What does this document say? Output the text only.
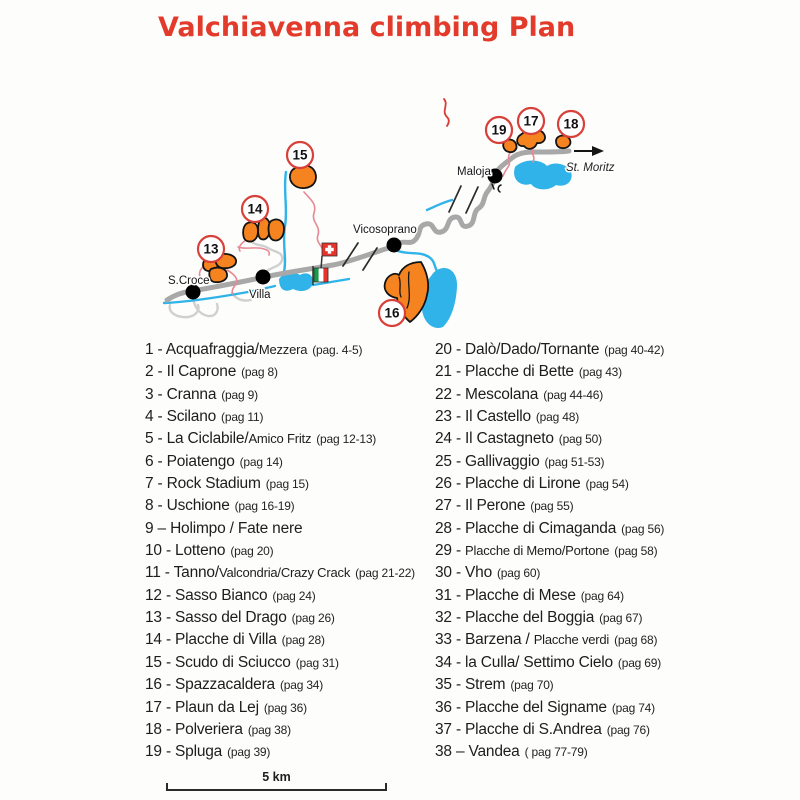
Valchiavenna climbing Plan
St. Moritz
S.Croce
Villa
Vicosoprano
Maloja
13
14
15
16
17 18
19
1 - Acquafraggia/Mezzera (pag. 4-5)
2 - Il Caprone (pag 8)
3 - Cranna (pag 9)
4 - Scilano (pag 11)
5 - La Ciclabile/Amico Fritz (pag 12-13)
6 - Poiatengo (pag 14)
7 - Rock Stadium (pag 15)
8 - Uschione (pag 16-19)
9 – Holimpo / Fate nere
10 - Lotteno (pag 20)
11 - Tanno/Valcondria/Crazy Crack (pag 21-22)
12 - Sasso Bianco (pag 24)
13 - Sasso del Drago (pag 26)
14 - Placche di Villa (pag 28)
15 - Scudo di Sciucco (pag 31)
16 - Spazzacaldera (pag 34)
17 - Plaun da Lej (pag 36)
18 - Polveriera (pag 38)
19 - Spluga (pag 39)
20 - Dalò/Dado/Tornante (pag 40-42)
21 - Placche di Bette (pag 43)
22 - Mescolana (pag 44-46)
23 - Il Castello (pag 48)
24 - Il Castagneto (pag 50)
25 - Gallivaggio (pag 51-53)
26 - Placche di Lirone (pag 54)
27 - Il Perone (pag 55)
28 - Placche di Cimaganda (pag 56)
29 - Placche di Memo/Portone (pag 58)
30 - Vho (pag 60)
31 - Placche di Mese (pag 64)
32 - Placche del Boggia (pag 67)
33 - Barzena / Placche verdi (pag 68)
34 - la Culla/ Settimo Cielo (pag 69)
35 - Strem (pag 70)
36 - Placche del Signame (pag 74)
37 - Placche di S.Andrea (pag 76)
38 – Vandea ( pag 77-79)
5 km
